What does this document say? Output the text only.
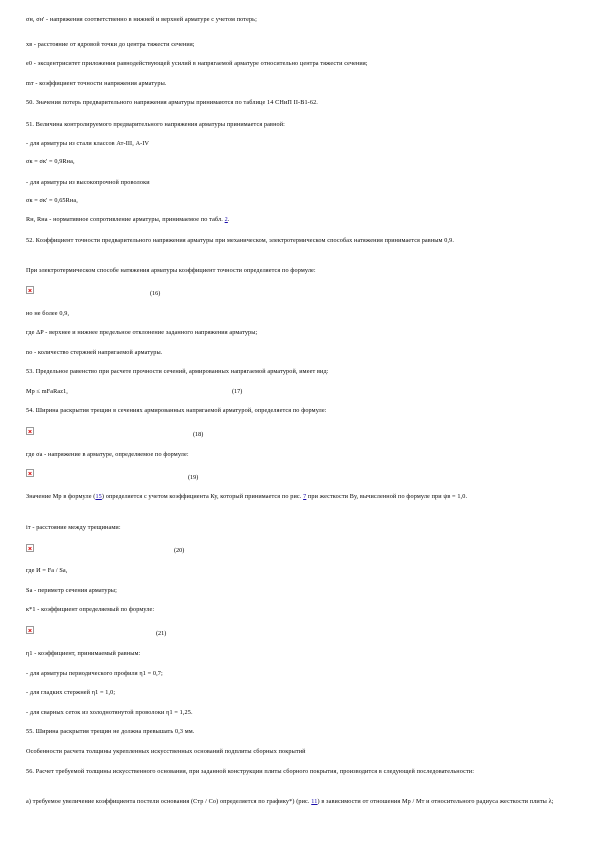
σн, σн' - напряжения соответственно в нижней и верхней арматуре с учетом потерь;
хв - расстояние от ядровой точки до центра тяжести сечения;
е0 - эксцентриситет приложения равнодействующей усилий в напрягаемой арматуре относительно центра тяжести сечения;
mт - коэффициент точности напряжения арматуры.
50. Значения потерь предварительного напряжения арматуры принимаются по таблице 14 СНиП II-В1-62.
51. Величина контролируемого предварительного напряжения арматуры принимается равной:
- для арматуры из стали классов Ат-III, А-IV
σк = σк' = 0,9Rна,
- для арматуры из высокопрочной проволоки
σк = σк' = 0,65Rна,
Rн, Rна - нормативное сопротивление арматуры, принимаемое по табл. 2.
52. Коэффициент точности предварительного напряжения арматуры при механическом, электротермическом способах натяжения принимается равным 0,9.
При электротермическом способе натяжения арматуры коэффициент точности определяется по формуле:
(16)
но не более 0,9,
где ΔP - верхнее и нижнее предельное отклонение заданного напряжения арматуры;
nо - количество стержней напрягаемой арматуры.
53. Предельное равенство при расчете прочности сечений, армированных напрягаемой арматурой, имеет вид:
Мр ≤ mFaRaz1,	(17)
54. Ширина раскрытия трещин в сечениях армированных напрягаемой арматурой, определяется по формуле:
(18)
где σа - напряжение в арматуре, определяемое по формуле:
(19)
Значение Мр в формуле (15) определяется с учетом коэффициента Ку, который принимается по рис. 7 при жесткости Ву, вычисленной по формуле при ψв = 1,0.
iт - расстояние между трещинами:
(20)
где И = Fа / Sа,
Sа - периметр сечения арматуры;
к*1 - коэффициент определяемый по формуле:
(21)
η1 - коэффициент, принимаемый равным:
- для арматуры периодического профиля η1 = 0,7;
- для гладких стержней η1 = 1,0;
- для сварных сеток из холоднотянутой проволоки η1 = 1,25.
55. Ширина раскрытия трещин не должна превышать 0,3 мм.
Особенности расчета толщины укрепленных искусственных оснований подплиты сборных покрытий
56. Расчет требуемой толщины искусственного основания, при заданной конструкции плиты сборного покрытия, производится в следующей последовательности:
а) требуемое увеличение коэффициента постели основания (Стр / Со) определяется по графику*) (рис. 11) в зависимости от отношения Мр / Мт и относительного радиуса жесткости плиты λ;
